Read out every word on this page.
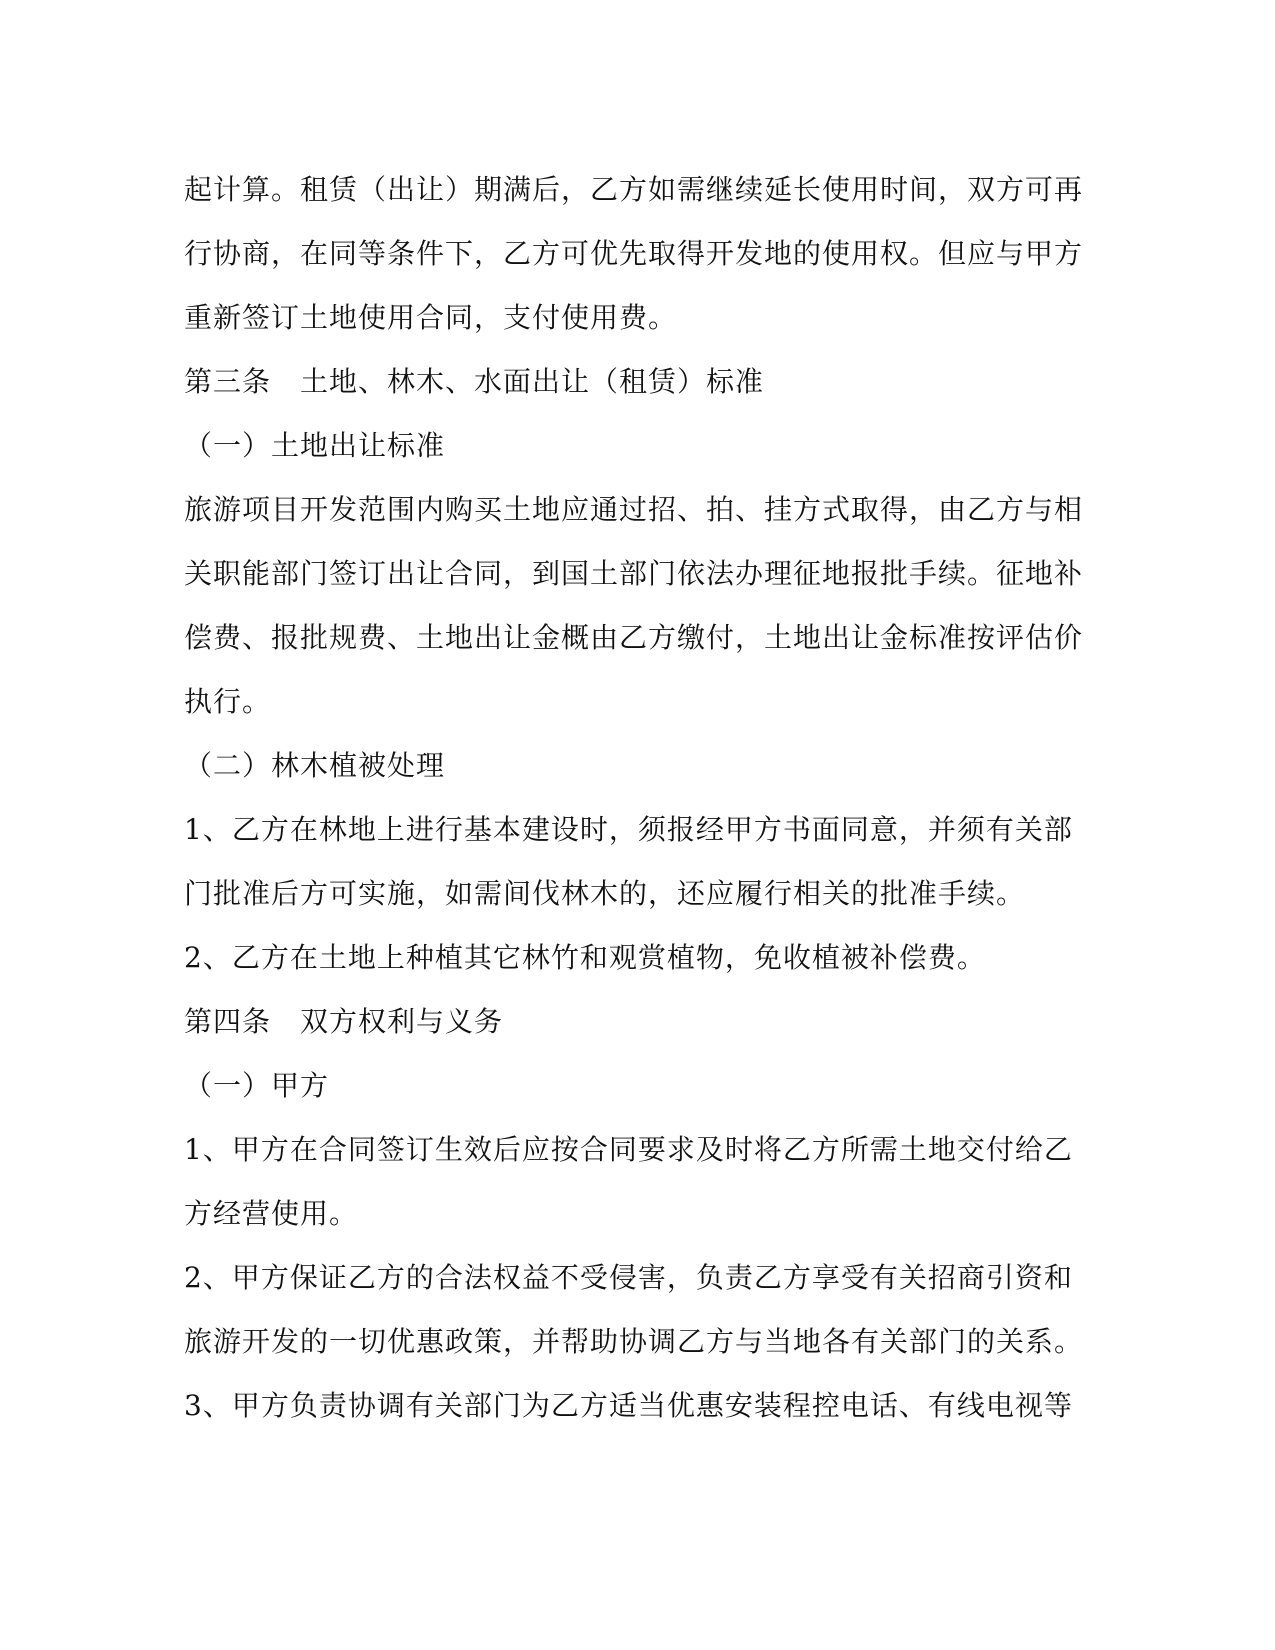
起计算。租赁（出让）期满后，乙方如需继续延长使用时间，双方可再
行协商，在同等条件下，乙方可优先取得开发地的使用权。但应与甲方
重新签订土地使用合同，支付使用费。
第三条　土地、林木、水面出让（租赁）标准
（一）土地出让标准
旅游项目开发范围内购买土地应通过招、拍、挂方式取得，由乙方与相
关职能部门签订出让合同，到国土部门依法办理征地报批手续。征地补
偿费、报批规费、土地出让金概由乙方缴付，土地出让金标准按评估价
执行。
（二）林木植被处理
1、乙方在林地上进行基本建设时，须报经甲方书面同意，并须有关部
门批准后方可实施，如需间伐林木的，还应履行相关的批准手续。
2、乙方在土地上种植其它林竹和观赏植物，免收植被补偿费。
第四条　双方权利与义务
（一）甲方
1、甲方在合同签订生效后应按合同要求及时将乙方所需土地交付给乙
方经营使用。
2、甲方保证乙方的合法权益不受侵害，负责乙方享受有关招商引资和
旅游开发的一切优惠政策，并帮助协调乙方与当地各有关部门的关系。
3、甲方负责协调有关部门为乙方适当优惠安装程控电话、有线电视等
